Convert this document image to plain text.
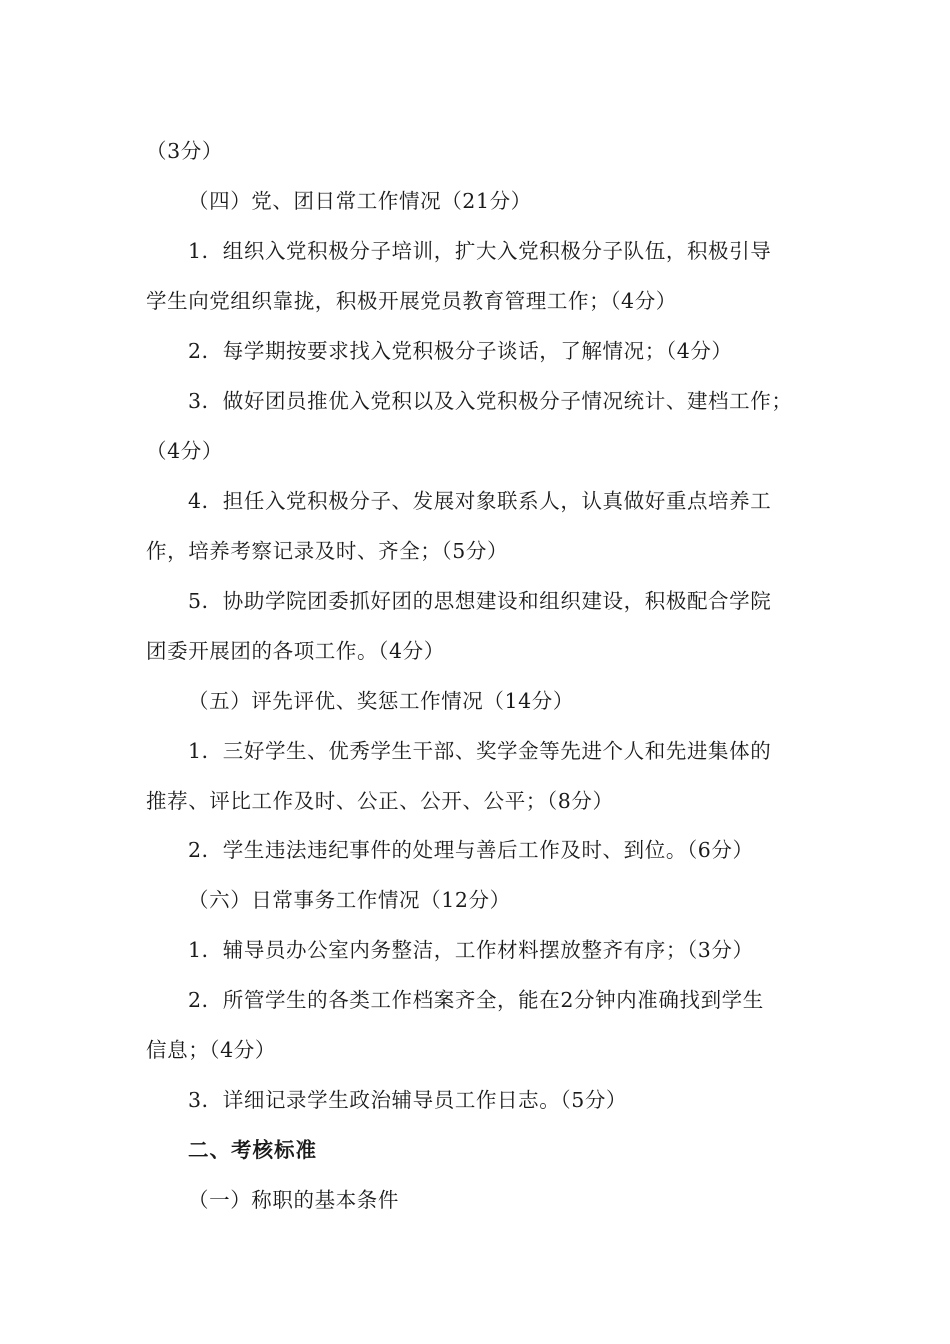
（3分）
（四）党、团日常工作情况（21分）
1．组织入党积极分子培训，扩大入党积极分子队伍，积极引导
学生向党组织靠拢，积极开展党员教育管理工作；（4分）
2．每学期按要求找入党积极分子谈话，了解情况；（4分）
3．做好团员推优入党积以及入党积极分子情况统计、建档工作；
（4分）
4．担任入党积极分子、发展对象联系人，认真做好重点培养工
作，培养考察记录及时、齐全；（5分）
5．协助学院团委抓好团的思想建设和组织建设，积极配合学院
团委开展团的各项工作。（4分）
（五）评先评优、奖惩工作情况（14分）
1．三好学生、优秀学生干部、奖学金等先进个人和先进集体的
推荐、评比工作及时、公正、公开、公平；（8分）
2．学生违法违纪事件的处理与善后工作及时、到位。（6分）
（六）日常事务工作情况（12分）
1．辅导员办公室内务整洁，工作材料摆放整齐有序；（3分）
2．所管学生的各类工作档案齐全，能在2分钟内准确找到学生
信息；（4分）
3．详细记录学生政治辅导员工作日志。（5分）
二、考核标准
（一）称职的基本条件
